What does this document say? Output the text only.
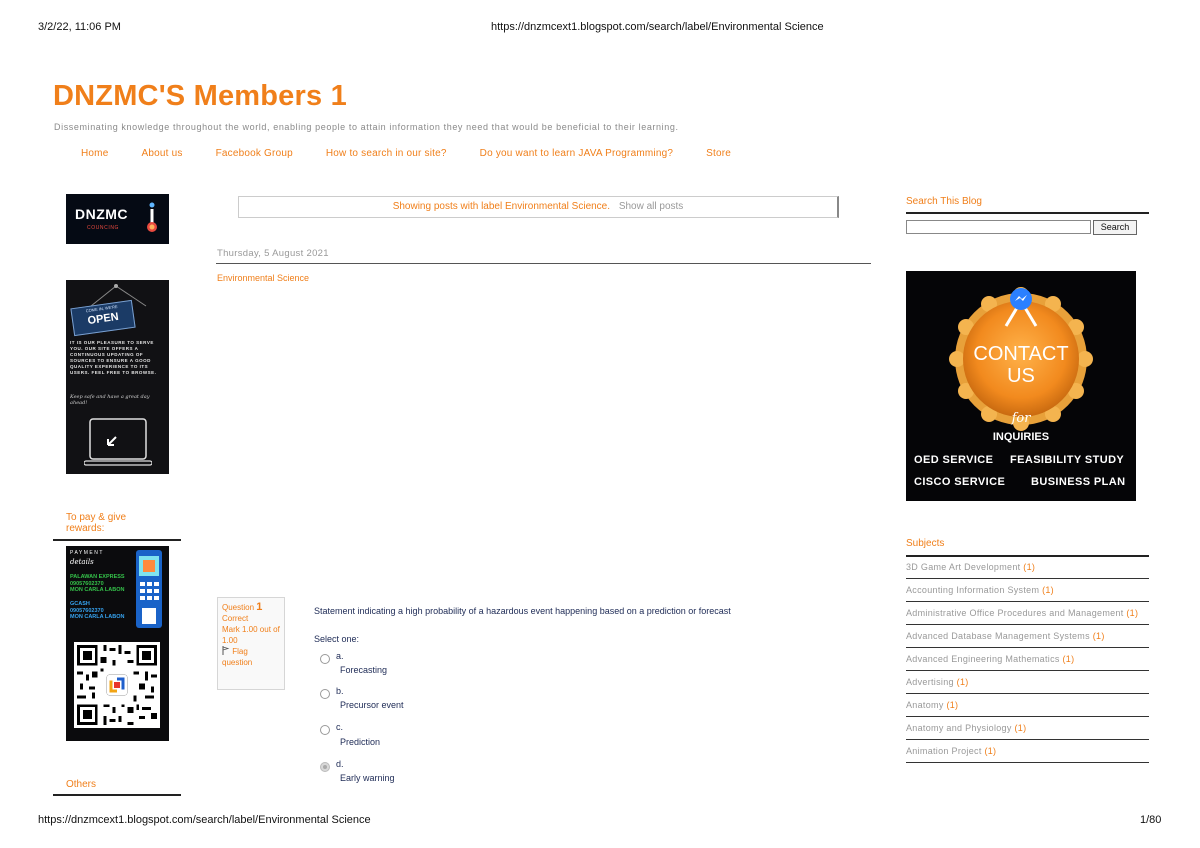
3/2/22, 11:06 PM	https://dnzmcext1.blogspot.com/search/label/Environmental Science
DNZMC'S Members 1
Disseminating knowledge throughout the world, enabling people to attain information they need that would be beneficial to their learning.
Home	About us	Facebook Group	How to search in our site?	Do you want to learn JAVA Programming?	Store
DNZMC
COUNCING
COME IN, WE'RE
OPEN
IT IS OUR PLEASURE TO SERVE YOU. OUR SITE OFFERS A CONTINUOUS UPDATING OF SOURCES TO ENSURE A GOOD QUALITY EXPERIENCE TO ITS USERS. FEEL FREE TO BROWSE.
Keep safe and have a great day ahead!
To pay & give rewards:
PAYMENT
details
PALAWAN EXPRESS
09057602370
MON CARLA LABON
GCASH
09057602370
MON CARLA LABON
Others
Showing posts with label Environmental Science. Show all posts
Thursday, 5 August 2021
Environmental Science
Question 1
Correct
Mark 1.00 out of 1.00
Flag question
Statement indicating a high probability of a hazardous event happening based on a prediction or forecast
Select one:
a.
Forecasting
b.
Precursor event
c.
Prediction
d.
Early warning
Search This Blog
Search
CONTACT
US
for
INQUIRIES
OED SERVICE FEASIBILITY STUDY
CISCO SERVICE BUSINESS PLAN
Subjects
3D Game Art Development (1)
Accounting Information System (1)
Administrative Office Procedures and Management (1)
Advanced Database Management Systems (1)
Advanced Engineering Mathematics (1)
Advertising (1)
Anatomy (1)
Anatomy and Physiology (1)
Animation Project (1)
https://dnzmcext1.blogspot.com/search/label/Environmental Science	1/80
